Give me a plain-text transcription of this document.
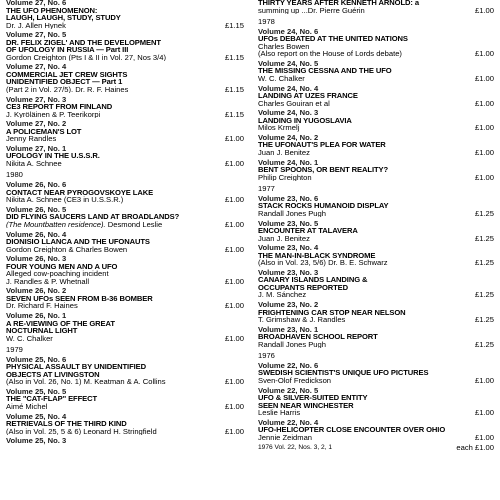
Volume 27, No. 6
THE UFO PHENOMENON:
LAUGH, LAUGH, STUDY, STUDY
Dr. J. Allen Hynek	£1.15
Volume 27, No. 5
DR. FELIX ZIGEL' AND THE DEVELOPMENT
OF UFOLOGY IN RUSSIA — Part III
Gordon Creighton (Pts I & II in Vol. 27, Nos 3/4)	£1.15
Volume 27, No. 4
COMMERCIAL JET CREW SIGHTS
UNIDENTIFIED OBJECT — Part 1
(Part 2 in Vol. 27/5). Dr. R. F. Haines	£1.15
Volume 27, No. 3
CE3 REPORT FROM FINLAND
J. Kyröläinen & P. Teerikorpi	£1.15
Volume 27, No. 2
A POLICEMAN'S LOT
Jenny Randles	£1.00
Volume 27, No. 1
UFOLOGY IN THE U.S.S.R.
Nikita A. Schnee	£1.00
1980
Volume 26, No. 6
CONTACT NEAR PYROGOVSKOYE LAKE
Nikita A. Schnee (CE3 in U.S.S.R.)	£1.00
Volume 26, No. 5
DID FLYING SAUCERS LAND AT BROADLANDS?
(The Mountbatten residence). Desmond Leslie	£1.00
Volume 26, No. 4
DIONISIO LLANCA AND THE UFONAUTS
Gordon Creighton & Charles Bowen	£1.00
Volume 26, No. 3
FOUR YOUNG MEN AND A UFO
Alleged cow-poaching incident
J. Randles & P. Whetnall	£1.00
Volume 26, No. 2
SEVEN UFOs SEEN FROM B-36 BOMBER
Dr. Richard F. Haines	£1.00
Volume 26, No. 1
A RE-VIEWING OF THE GREAT
NOCTURNAL LIGHT
W. C. Chalker	£1.00
1979
Volume 25, No. 6
PHYSICAL ASSAULT BY UNIDENTIFIED
OBJECTS AT LIVINGSTON
(Also in Vol. 26, No. 1) M. Keatman & A. Collins	£1.00
Volume 25, No. 5
THE "CAT-FLAP" EFFECT
Aimé Michel	£1.00
Volume 25, No. 4
RETRIEVALS OF THE THIRD KIND
(Also in Vol. 25, 5 & 6) Leonard H. Stringfield	£1.00
Volume 25, No. 3
THIRTY YEARS AFTER KENNETH ARNOLD: a
summing up ...Dr. Pierre Guérin	£1.00
1978
Volume 24, No. 6
UFOs DEBATED AT THE UNITED NATIONS
Charles Bowen
(Also report on the House of Lords debate)	£1.00
Volume 24, No. 5
THE MISSING CESSNA AND THE UFO
W. C. Chalker	£1.00
Volume 24, No. 4
LANDING AT UZES FRANCE
Charles Gouiran et al	£1.00
Volume 24, No. 3
LANDING IN YUGOSLAVIA
Milos Krmelj	£1.00
Volume 24, No. 2
THE UFONAUT'S PLEA FOR WATER
Juan J. Benitez	£1.00
Volume 24, No. 1
BENT SPOONS, OR BENT REALITY?
Philip Creighton	£1.00
1977
Volume 23, No. 6
STACK ROCKS HUMANOID DISPLAY
Randall Jones Pugh	£1.25
Volume 23, No. 5
ENCOUNTER AT TALAVERA
Juan J. Benitez	£1.25
Volume 23, No. 4
THE MAN-IN-BLACK SYNDROME
(Also in Vol. 23, 5/6) Dr. B. E. Schwarz	£1.25
Volume 23, No. 3
CANARY ISLANDS LANDING &
OCCUPANTS REPORTED
J. M. Sánchez	£1.25
Volume 23, No. 2
FRIGHTENING CAR STOP NEAR NELSON
T. Grimshaw & J. Randles	£1.25
Volume 23, No. 1
BROADHAVEN SCHOOL REPORT
Randall Jones Pugh	£1.25
1976
Volume 22, No. 6
SWEDISH SCIENTIST'S UNIQUE UFO PICTURES
Sven-Olof Fredickson	£1.00
Volume 22, No. 5
UFO & SILVER-SUITED ENTITY
SEEN NEAR WINCHESTER
Leslie Harris	£1.00
Volume 22, No. 4
UFO-HELICOPTER CLOSE ENCOUNTER OVER OHIO
Jennie Zeidman	£1.00
1976 Vol. 22, Nos. 3, 2, 1	each £1.00
